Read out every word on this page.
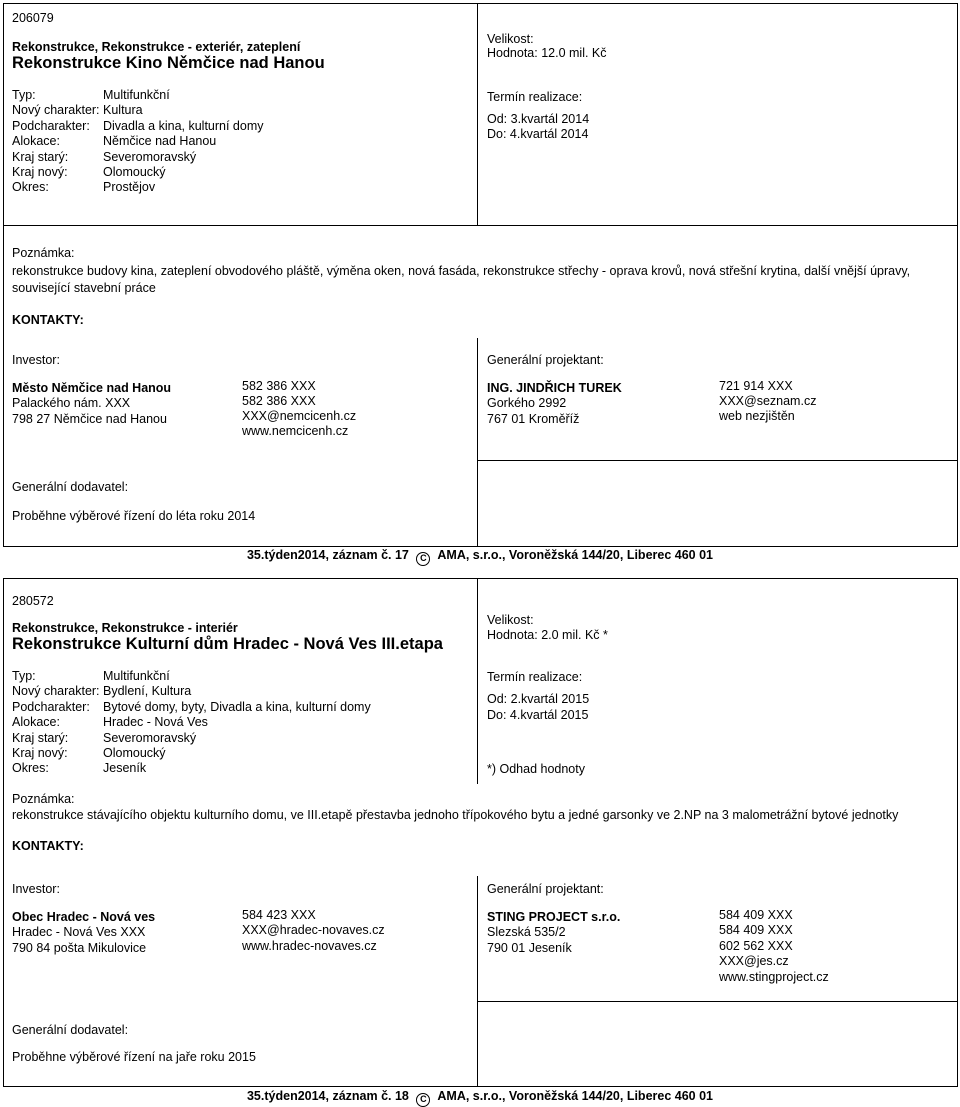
206079
Rekonstrukce, Rekonstrukce - exteriér, zateplení
Rekonstrukce Kino Němčice nad Hanou
Typ:	Multifunkční
Nový charakter: Kultura
Podcharakter:	Divadla a kina, kulturní domy
Alokace:	Němčice nad Hanou
Kraj starý:	Severomoravský
Kraj nový:	Olomoucký
Okres:	Prostějov
Velikost:
Hodnota: 12.0 mil. Kč
Termín realizace:
Od: 3.kvartál 2014
Do: 4.kvartál 2014
Poznámka:
rekonstrukce budovy kina, zateplení obvodového pláště, výměna oken, nová fasáda, rekonstrukce střechy - oprava krovů, nová střešní krytina, další vnější úpravy, související stavební práce
KONTAKTY:
Investor:
Město Němčice nad Hanou
Palackého nám. XXX
798 27 Němčice nad Hanou
582 386 XXX
582 386 XXX
XXX@nemcicenh.cz
www.nemcicenh.cz
Generální projektant:
ING. JINDŘICH TUREK
Gorkého 2992
767 01 Kroměříž
721 914 XXX
XXX@seznam.cz
web nezjištěn
Generální dodavatel:
Proběhne výběrové řízení do léta roku 2014
35.týden2014, záznam č. 17 C AMA, s.r.o., Voroněžská 144/20, Liberec 460 01
280572
Rekonstrukce, Rekonstrukce - interiér
Rekonstrukce Kulturní dům Hradec - Nová Ves III.etapa
Typ:	Multifunkční
Nový charakter: Bydlení, Kultura
Podcharakter:	Bytové domy, byty, Divadla a kina, kulturní domy
Alokace:	Hradec - Nová Ves
Kraj starý:	Severomoravský
Kraj nový:	Olomoucký
Okres:	Jeseník
Velikost:
Hodnota: 2.0 mil. Kč *
Termín realizace:
Od: 2.kvartál 2015
Do: 4.kvartál 2015
*) Odhad hodnoty
Poznámka:
rekonstrukce stávajícího objektu kulturního domu, ve III.etapě přestavba jednoho třípokového bytu a jedné garsonky ve 2.NP na 3 malometrážní bytové jednotky
KONTAKTY:
Investor:
Obec Hradec - Nová ves
Hradec - Nová Ves XXX
790 84 pošta Mikulovice
584 423 XXX
XXX@hradec-novaves.cz
www.hradec-novaves.cz
Generální projektant:
STING PROJECT s.r.o.
Slezská 535/2
790 01 Jeseník
584 409 XXX
584 409 XXX
602 562 XXX
XXX@jes.cz
www.stingproject.cz
Generální dodavatel:
Proběhne výběrové řízení na jaře roku 2015
35.týden2014, záznam č. 18 C AMA, s.r.o., Voroněžská 144/20, Liberec 460 01
